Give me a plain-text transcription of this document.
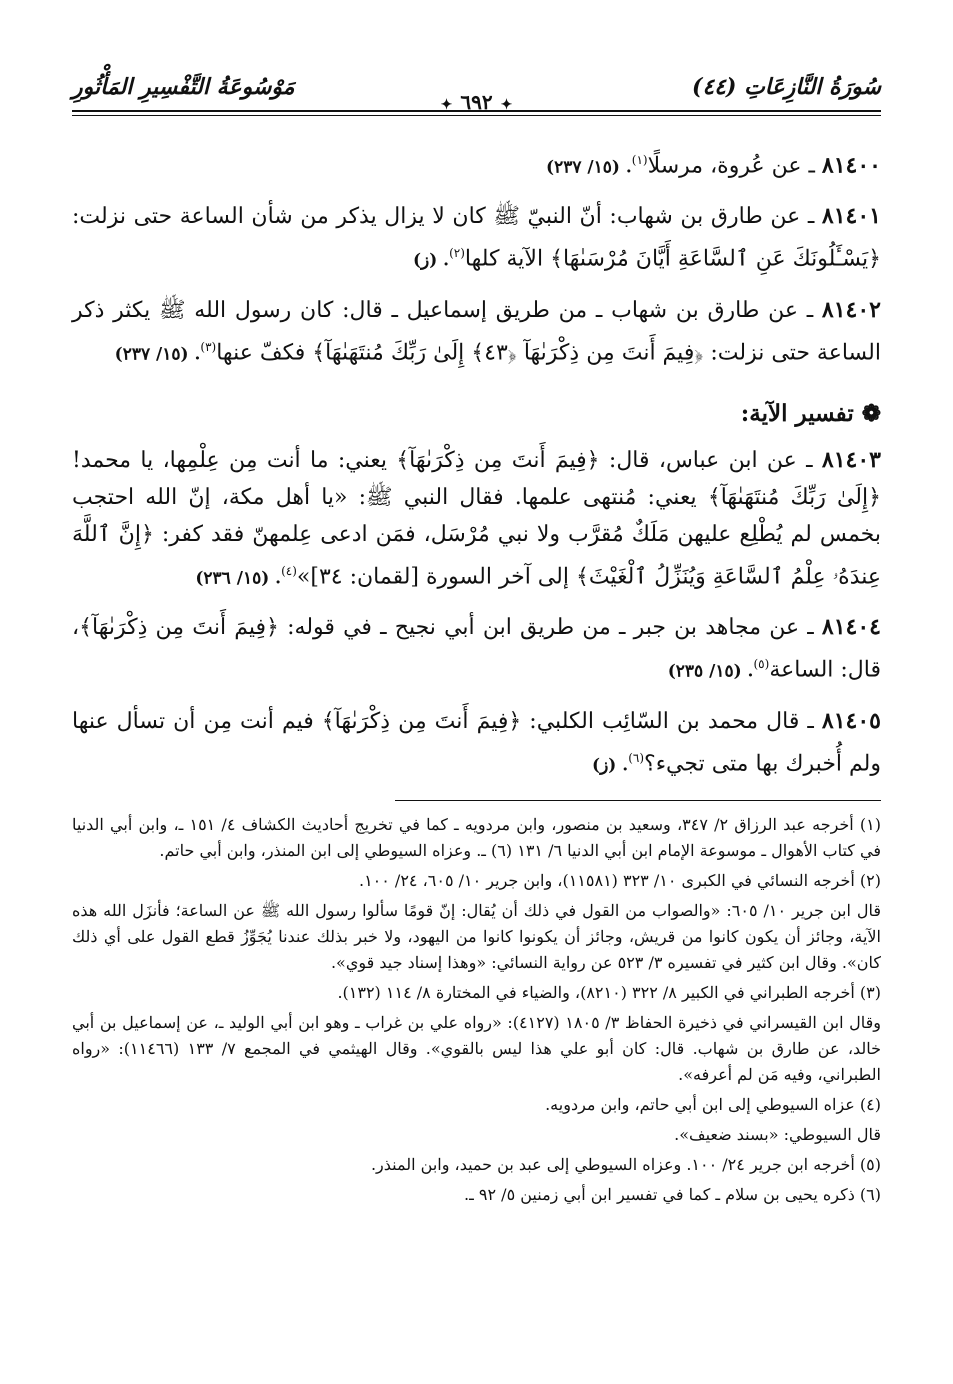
سُورَةُ النَّازِعَاتِ (٤٤)
✦٦٩٢✦
مَوْسُوعَةُ التَّفْسِيرِ المَأْثُورِ

٨١٤٠٠ ـ عن عُروة، مرسلًا$^{(١)}$. (١٥/ ٢٣٧)

٨١٤٠١ ـ عن طارق بن شهاب: أنّ النبيّ ﷺ كان لا يزال يذكر من شأن الساعة حتى نزلت: ﴿يَسْـَٔلُونَكَ عَنِ ٱلسَّاعَةِ أَيَّانَ مُرْسَىٰهَا﴾ الآية كلها$^{(٢)}$. (ز)

٨١٤٠٢ ـ عن طارق بن شهاب ـ من طريق إسماعيل ـ قال: كان رسول الله ﷺ يكثر ذكر الساعة حتى نزلت: ﴿فِيمَ أَنتَ مِن ذِكْرَىٰهَآ ﴿٤٣﴾ إِلَىٰ رَبِّكَ مُنتَهَىٰهَآ﴾ فكفّ عنها$^{(٣)}$. (١٥/ ٢٣٧)

❁ تفسير الآية:

٨١٤٠٣ ـ عن ابن عباس، قال: ﴿فِيمَ أَنتَ مِن ذِكْرَىٰهَآ﴾ يعني: ما أنت مِن عِلْمِها، يا محمد! ﴿إِلَىٰ رَبِّكَ مُنتَهَىٰهَآ﴾ يعني: مُنتهى علمها. فقال النبي ﷺ: «يا أهل مكة، إنّ الله احتجب بخمس لم يُطْلِع عليهن مَلَكٌ مُقرَّب ولا نبي مُرْسَل، فمَن ادعى عِلمهنّ فقد كفر: ﴿إِنَّ ٱللَّهَ عِندَهُۥ عِلْمُ ٱلسَّاعَةِ وَيُنَزِّلُ ٱلْغَيْثَ﴾ إلى آخر السورة [لقمان: ٣٤]»$^{(٤)}$. (١٥/ ٢٣٦)

٨١٤٠٤ ـ عن مجاهد بن جبر ـ من طريق ابن أبي نجيح ـ في قوله: ﴿فِيمَ أَنتَ مِن ذِكْرَىٰهَآ﴾، قال: الساعة$^{(٥)}$. (١٥/ ٢٣٥)

٨١٤٠٥ ـ قال محمد بن السّائِب الكلبي: ﴿فِيمَ أَنتَ مِن ذِكْرَىٰهَآ﴾ فيم أنت مِن أن تسأل عنها ولم أُخبرك بها متى تجيء؟$^{(٦)}$. (ز)

(١) أخرجه عبد الرزاق ٢/ ٣٤٧، وسعيد بن منصور، وابن مردويه ـ كما في تخريج أحاديث الكشاف ٤/ ١٥١ ـ، وابن أبي الدنيا في كتاب الأهوال ـ موسوعة الإمام ابن أبي الدنيا ٦/ ١٣١ (٦) ـ. وعزاه السيوطي إلى ابن المنذر، وابن أبي حاتم.
(٢) أخرجه النسائي في الكبرى ١٠/ ٣٢٣ (١١٥٨١)، وابن جرير ١٠/ ٦٠٥، ٢٤/ ١٠٠.
قال ابن جرير ١٠/ ٦٠٥: «والصواب من القول في ذلك أن يُقال: إنّ قومًا سألوا رسول الله ﷺ عن الساعة؛ فأنزَل الله هذه الآية، وجائز أن يكون كانوا من قريش، وجائز أن يكونوا كانوا من اليهود، ولا خبر بذلك عندنا يُجَوِّزُ قطع القول على أي ذلك كان». وقال ابن كثير في تفسيره ٣/ ٥٢٣ عن رواية النسائي: «وهذا إسناد جيد قوي».
(٣) أخرجه الطبراني في الكبير ٨/ ٣٢٢ (٨٢١٠)، والضياء في المختارة ٨/ ١١٤ (١٣٢).
وقال ابن القيسراني في ذخيرة الحفاظ ٣/ ١٨٠٥ (٤١٢٧): «رواه علي بن غراب ـ وهو ابن أبي الوليد ـ، عن إسماعيل بن أبي خالد، عن طارق بن شهاب. قال: كان أبو علي هذا ليس بالقوي». وقال الهيثمي في المجمع ٧/ ١٣٣ (١١٤٦٦): «رواه الطبراني، وفيه مَن لم أعرفه».
(٤) عزاه السيوطي إلى ابن أبي حاتم، وابن مردويه.
قال السيوطي: «بسند ضعيف».
(٥) أخرجه ابن جرير ٢٤/ ١٠٠. وعزاه السيوطي إلى عبد بن حميد، وابن المنذر.
(٦) ذكره يحيى بن سلام ـ كما في تفسير ابن أبي زمنين ٥/ ٩٢ ـ.
